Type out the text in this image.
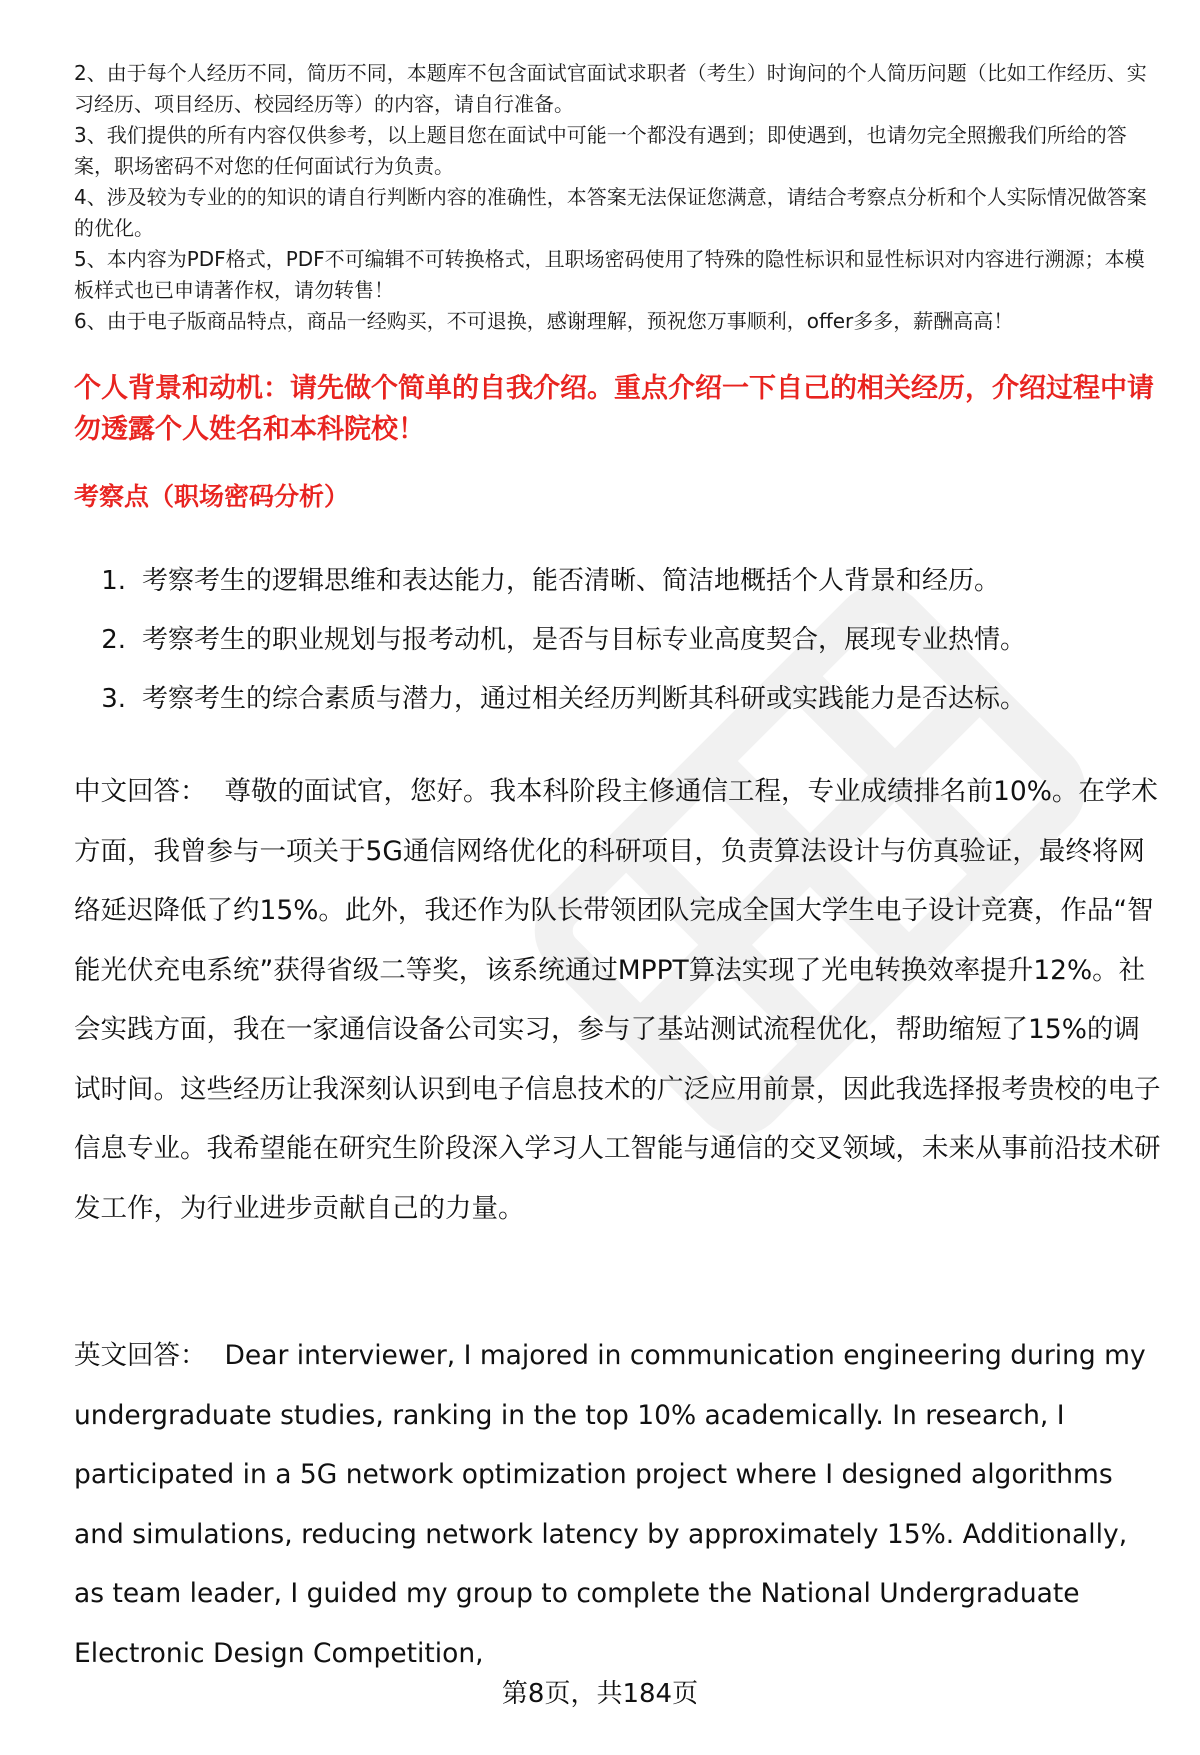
2、由于每个人经历不同，简历不同，本题库不包含面试官面试求职者（考生）时询问的个人简历问题（比如工作经历、实习经历、项目经历、校园经历等）的内容，请自行准备。

3、我们提供的所有内容仅供参考，以上题目您在面试中可能一个都没有遇到；即使遇到，也请勿完全照搬我们所给的答案，职场密码不对您的任何面试行为负责。

4、涉及较为专业的的知识的请自行判断内容的准确性，本答案无法保证您满意，请结合考察点分析和个人实际情况做答案的优化。

5、本内容为PDF格式，PDF不可编辑不可转换格式，且职场密码使用了特殊的隐性标识和显性标识对内容进行溯源；本模板样式也已申请著作权，请勿转售！

6、由于电子版商品特点，商品一经购买，不可退换，感谢理解，预祝您万事顺利，offer多多，薪酬高高！

个人背景和动机：请先做个简单的自我介绍。重点介绍一下自己的相关经历，介绍过程中请勿透露个人姓名和本科院校！
考察点（职场密码分析）
1. 考察考生的逻辑思维和表达能力，能否清晰、简洁地概括个人背景和经历。
2. 考察考生的职业规划与报考动机，是否与目标专业高度契合，展现专业热情。
3. 考察考生的综合素质与潜力，通过相关经历判断其科研或实践能力是否达标。

中文回答： 尊敬的面试官，您好。我本科阶段主修通信工程，专业成绩排名前10%。在学术方面，我曾参与一项关于5G通信网络优化的科研项目，负责算法设计与仿真验证，最终将网络延迟降低了约15%。此外，我还作为队长带领团队完成全国大学生电子设计竞赛，作品“智能光伏充电系统”获得省级二等奖，该系统通过MPPT算法实现了光电转换效率提升12%。社会实践方面，我在一家通信设备公司实习，参与了基站测试流程优化，帮助缩短了15%的调试时间。这些经历让我深刻认识到电子信息技术的广泛应用前景，因此我选择报考贵校的电子信息专业。我希望能在研究生阶段深入学习人工智能与通信的交叉领域，未来从事前沿技术研发工作，为行业进步贡献自己的力量。

英文回答： Dear interviewer, I majored in communication engineering during my undergraduate studies, ranking in the top 10% academically. In research, I participated in a 5G network optimization project where I designed algorithms and simulations, reducing network latency by approximately 15%. Additionally, as team leader, I guided my group to complete the National Undergraduate Electronic Design Competition,

第8页，共184页
